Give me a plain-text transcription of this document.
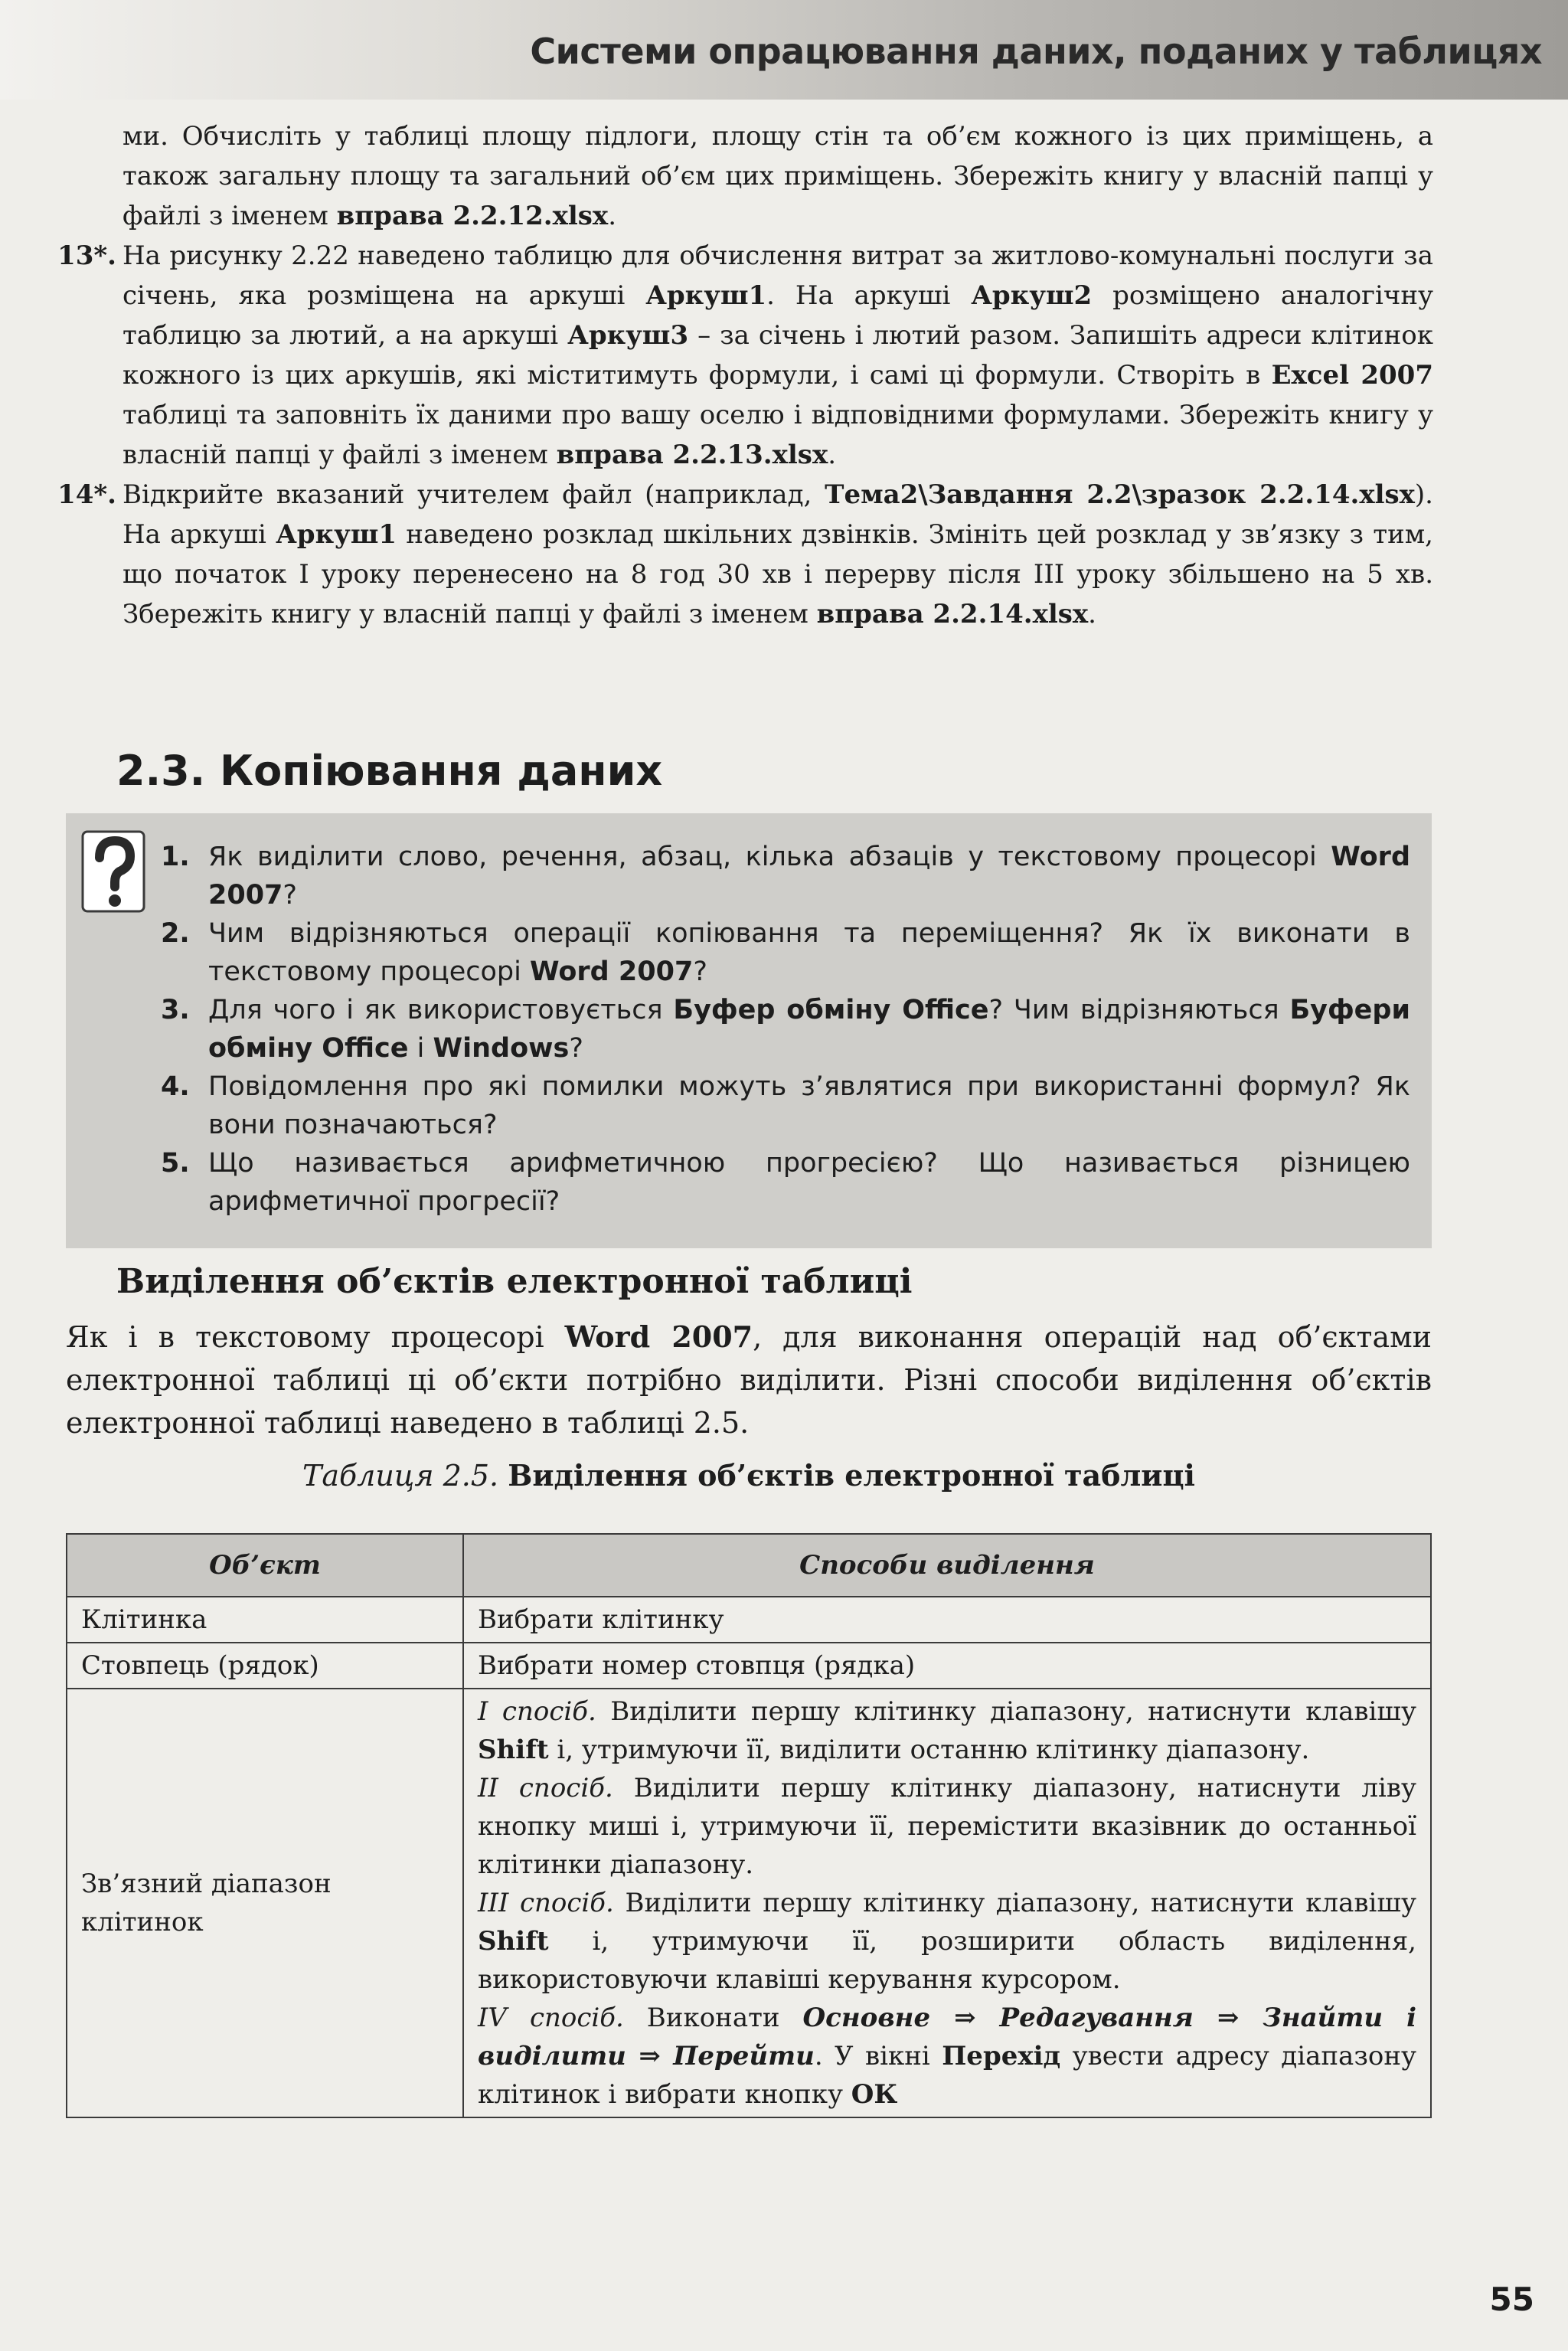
Системи опрацювання даних, поданих у таблицях

ми. Обчисліть у таблиці площу підлоги, площу стін та об’єм кожного із цих приміщень, а також загальну площу та загальний об’єм цих приміщень. Збережіть книгу у власній папці у файлі з іменем вправа 2.2.12.xlsx.

13*. На рисунку 2.22 наведено таблицю для обчислення витрат за житлово-комунальні послуги за січень, яка розміщена на аркуші Аркуш1. На аркуші Аркуш2 розміщено аналогічну таблицю за лютий, а на аркуші Аркуш3 – за січень і лютий разом. Запишіть адреси клітинок кожного із цих аркушів, які міститимуть формули, і самі ці формули. Створіть в Excel 2007 таблиці та заповніть їх даними про вашу оселю і відповідними формулами. Збережіть книгу у власній папці у файлі з іменем вправа 2.2.13.xlsx.

14*. Відкрийте вказаний учителем файл (наприклад, Тема2\Завдання 2.2\зразок 2.2.14.xlsx). На аркуші Аркуш1 наведено розклад шкільних дзвінків. Змініть цей розклад у зв’язку з тим, що початок I уроку перенесено на 8 год 30 хв і перерву після III уроку збільшено на 5 хв. Збережіть книгу у власній папці у файлі з іменем вправа 2.2.14.xlsx.

2.3. Копіювання даних
1. Як виділити слово, речення, абзац, кілька абзаців у текстовому процесорі Word 2007?
2. Чим відрізняються операції копіювання та переміщення? Як їх виконати в текстовому процесорі Word 2007?
3. Для чого і як використовується Буфер обміну Office? Чим відрізняються Буфери обміну Office і Windows?
4. Повідомлення про які помилки можуть з’являтися при використанні формул? Як вони позначаються?
5. Що називається арифметичною прогресією? Що називається різницею арифметичної прогресії?
Виділення об’єктів електронної таблиці

Як і в текстовому процесорі Word 2007, для виконання операцій над об’єктами електронної таблиці ці об’єкти потрібно виділити. Різні способи виділення об’єктів електронної таблиці наведено в таблиці 2.5.

Таблиця 2.5. Виділення об’єктів електронної таблиці
Об’єкт	Способи виділення
Клітинка	Вибрати клітинку
Стовпець (рядок)	Вибрати номер стовпця (рядка)
Зв’язний діапазон клітинок	I спосіб. Виділити першу клітинку діапазону, натиснути клавішу Shift і, утримуючи її, виділити останню клітинку діапазону.
II спосіб. Виділити першу клітинку діапазону, натиснути ліву кнопку миші і, утримуючи її, перемістити вказівник до останньої клітинки діапазону.
III спосіб. Виділити першу клітинку діапазону, натиснути клавішу Shift і, утримуючи її, розширити область виділення, використовуючи клавіші керування курсором.
IV спосіб. Виконати Основне ⇒ Редагування ⇒ Знайти і виділити ⇒ Перейти. У вікні Перехід увести адресу діапазону клітинок і вибрати кнопку ОК
55
